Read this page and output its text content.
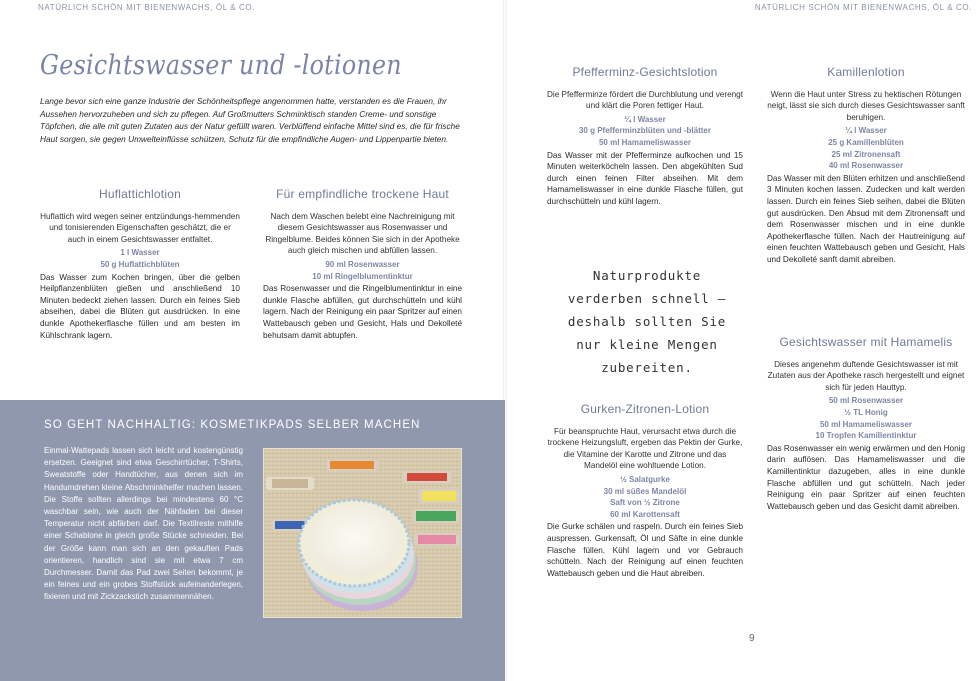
NATÜRLICH SCHÖN MIT BIENENWACHS, ÖL & CO.	NATÜRLICH SCHÖN MIT BIENENWACHS, ÖL & CO.
Gesichtswasser und -lotionen

Lange bevor sich eine ganze Industrie der Schönheitspflege angenommen hatte, verstanden es die Frauen, ihr Aussehen hervorzuheben und sich zu pflegen. Auf Großmutters Schminktisch standen Creme- und sonstige Töpfchen, die alle mit guten Zutaten aus der Natur gefüllt waren. Verblüffend einfache Mittel sind es, die für frische Haut sorgen, sie gegen Umwelteinflüsse schützen, Schutz für die empfindliche Augen- und Lippenpartie bieten.

Huflattichlotion
Huflattich wird wegen seiner entzündungs-hemmenden und tonisierenden Eigenschaften geschätzt, die er auch in einem Gesichtswasser entfaltet.
1 l Wasser
50 g Huflattichblüten
Das Wasser zum Kochen bringen, über die gelben Heilpflanzenblüten gießen und anschließend 10 Minuten bedeckt ziehen lassen. Durch ein feines Sieb abseihen, dabei die Blüten gut ausdrücken. In eine dunkle Apothekerflasche füllen und am besten im Kühlschrank lagern.
Für empfindliche trockene Haut
Nach dem Waschen belebt eine Nachreinigung mit diesem Gesichtswasser aus Rosenwasser und Ringelblume. Beides können Sie sich in der Apotheke auch gleich mischen und abfüllen lassen.
90 ml Rosenwasser
10 ml Ringelblumentinktur
Das Rosenwasser und die Ringelblumentinktur in eine dunkle Flasche abfüllen, gut durchschütteln und kühl lagern. Nach der Reinigung ein paar Spritzer auf einen Wattebausch geben und Gesicht, Hals und Dekolleté behutsam damit abtupfen.
SO GEHT NACHHALTIG: KOSMETIKPADS SELBER MACHEN
Einmal-Wattepads lassen sich leicht und kostengünstig ersetzen. Geeignet sind etwa Geschirrtücher, T-Shirts, Sweatstoffe oder Handtücher, aus denen sich im Handumdrehen kleine Abschminkhelfer machen lassen. Die Stoffe sollten allerdings bei mindestens 60 °C waschbar sein, wie auch der Nähfaden bei dieser Temperatur nicht abfärben darf. Die Textilreste mithilfe einer Schablone in gleich große Stücke schneiden. Bei der Größe kann man sich an den gekauften Pads orientieren, handlich sind sie mit etwa 7 cm Durchmesser. Damit das Pad zwei Seiten bekommt, je ein feines und ein grobes Stoffstück aufeinanderlegen, fixieren und mit Zickzackstich zusammennähen.
Pfefferminz-Gesichtslotion
Die Pfefferminze fördert die Durchblutung und verengt und klärt die Poren fettiger Haut.
¼ l Wasser
30 g Pfefferminzblüten und -blätter
50 ml Hamameliswasser
Das Wasser mit der Pfefferminze aufkochen und 15 Minuten weiterköcheln lassen. Den abgekühlten Sud durch einen feinen Filter abseihen. Mit dem Hamameliswasser in eine dunkle Flasche füllen, gut durchschütteln und kühl lagern.
Naturprodukte verderben schnell – deshalb sollten Sie nur kleine Mengen zubereiten.
Gurken-Zitronen-Lotion
Für beanspruchte Haut, verursacht etwa durch die trockene Heizungsluft, ergeben das Pektin der Gurke, die Vitamine der Karotte und Zitrone und das Mandelöl eine wohltuende Lotion.
½ Salatgurke
30 ml süßes Mandelöl
Saft von ½ Zitrone
60 ml Karottensaft
Die Gurke schälen und raspeln. Durch ein feines Sieb auspressen. Gurkensaft, Öl und Säfte in eine dunkle Flasche füllen. Kühl lagern und vor Gebrauch schütteln. Nach der Reinigung auf einen feuchten Wattebausch geben und die Haut abreiben.
Kamillenlotion
Wenn die Haut unter Stress zu hektischen Rötungen neigt, lässt sie sich durch dieses Gesichtswasser sanft beruhigen.
¼ l Wasser
25 g Kamillenblüten
25 ml Zitronensaft
40 ml Rosenwasser
Das Wasser mit den Blüten erhitzen und anschließend 3 Minuten kochen lassen. Zudecken und kalt werden lassen. Durch ein feines Sieb seihen, dabei die Blüten gut ausdrücken. Den Absud mit dem Zitronensaft und dem Rosenwasser mischen und in eine dunkle Apothekerflasche füllen. Nach der Hautreinigung auf einen feuchten Wattebausch geben und Gesicht, Hals und Dekolleté sanft damit abreiben.
Gesichtswasser mit Hamamelis
Dieses angenehm duftende Gesichtswasser ist mit Zutaten aus der Apotheke rasch hergestellt und eignet sich für jeden Hauttyp.
50 ml Rosenwasser
½ TL Honig
50 ml Hamameliswasser
10 Tropfen Kamillentinktur
Das Rosenwasser ein wenig erwärmen und den Honig darin auflösen. Das Hamameliswasser und die Kamillentinktur dazugeben, alles in eine dunkle Flasche abfüllen und gut schütteln. Nach jeder Reinigung ein paar Spritzer auf einen feuchten Wattebausch geben und das Gesicht damit abreiben.
9
